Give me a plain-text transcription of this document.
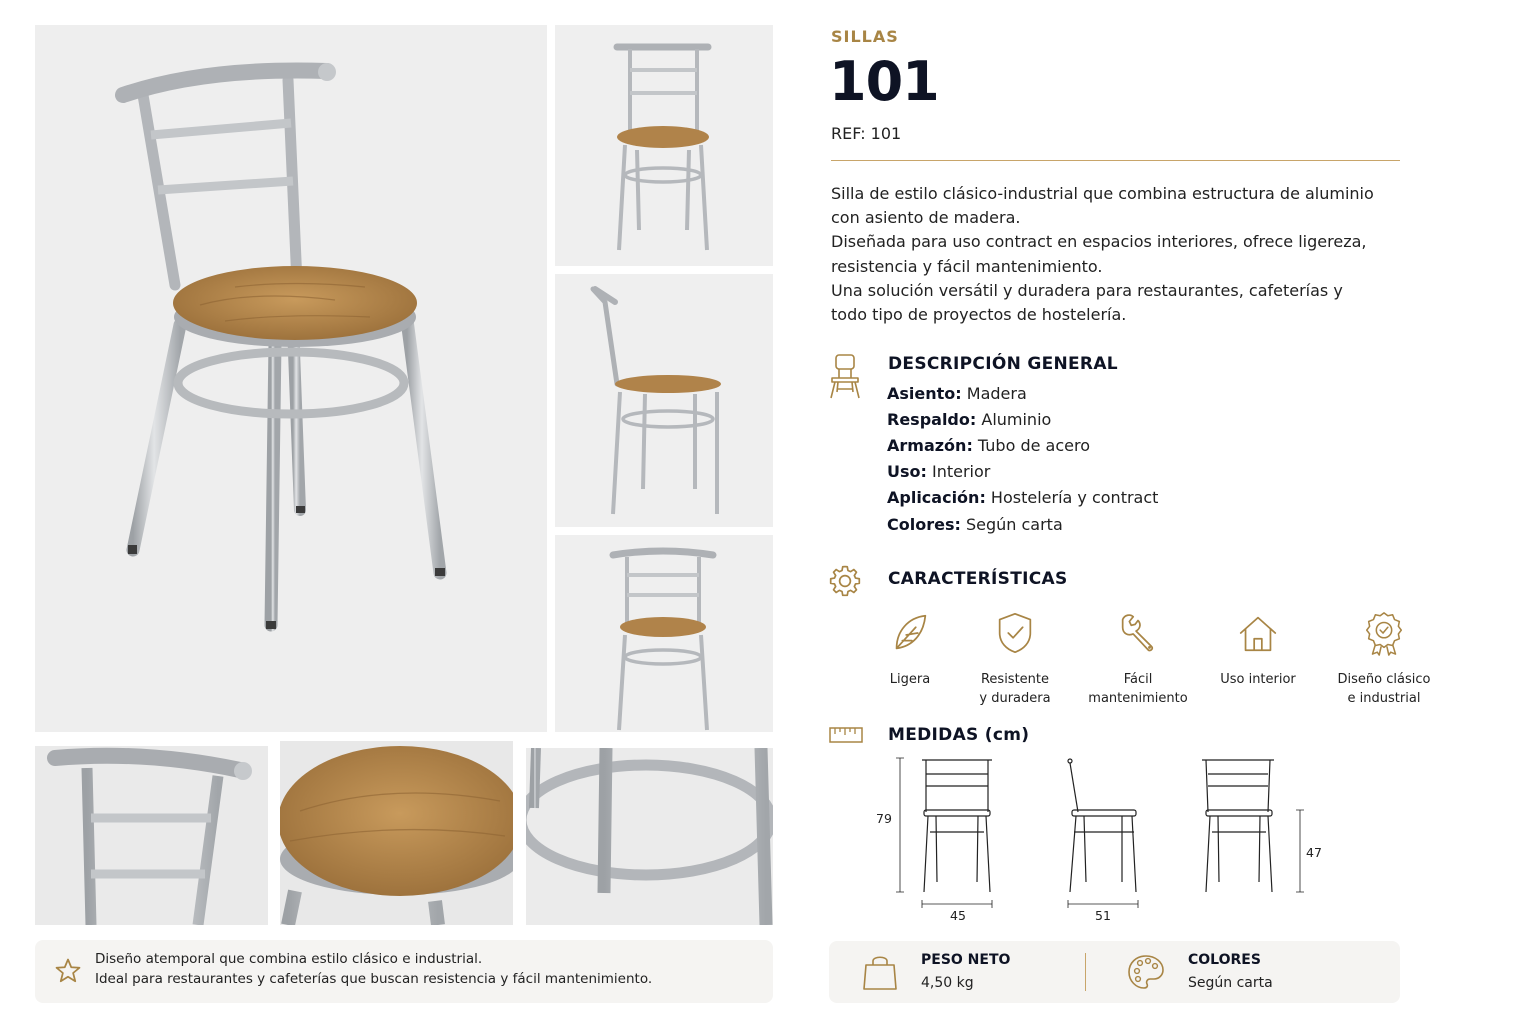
Diseño atemporal que combina estilo clásico e industrial.
Ideal para restaurantes y cafeterías que buscan resistencia y fácil mantenimiento.
SILLAS
101
REF: 101
Silla de estilo clásico-industrial que combina estructura de aluminio
con asiento de madera.
Diseñada para uso contract en espacios interiores, ofrece ligereza,
resistencia y fácil mantenimiento.
Una solución versátil y duradera para restaurantes, cafeterías y
todo tipo de proyectos de hostelería.
DESCRIPCIÓN GENERAL
Asiento: Madera
Respaldo: Aluminio
Armazón: Tubo de acero
Uso: Interior
Aplicación: Hostelería y contract
Colores: Según carta
CARACTERÍSTICAS
Ligera	Resistente
y duradera
Fácil
mantenimiento
Uso interior	Diseño clásico
e industrial
MEDIDAS (cm)
79
47
45	51
PESO NETO
4,50 kg
COLORES
Según carta
